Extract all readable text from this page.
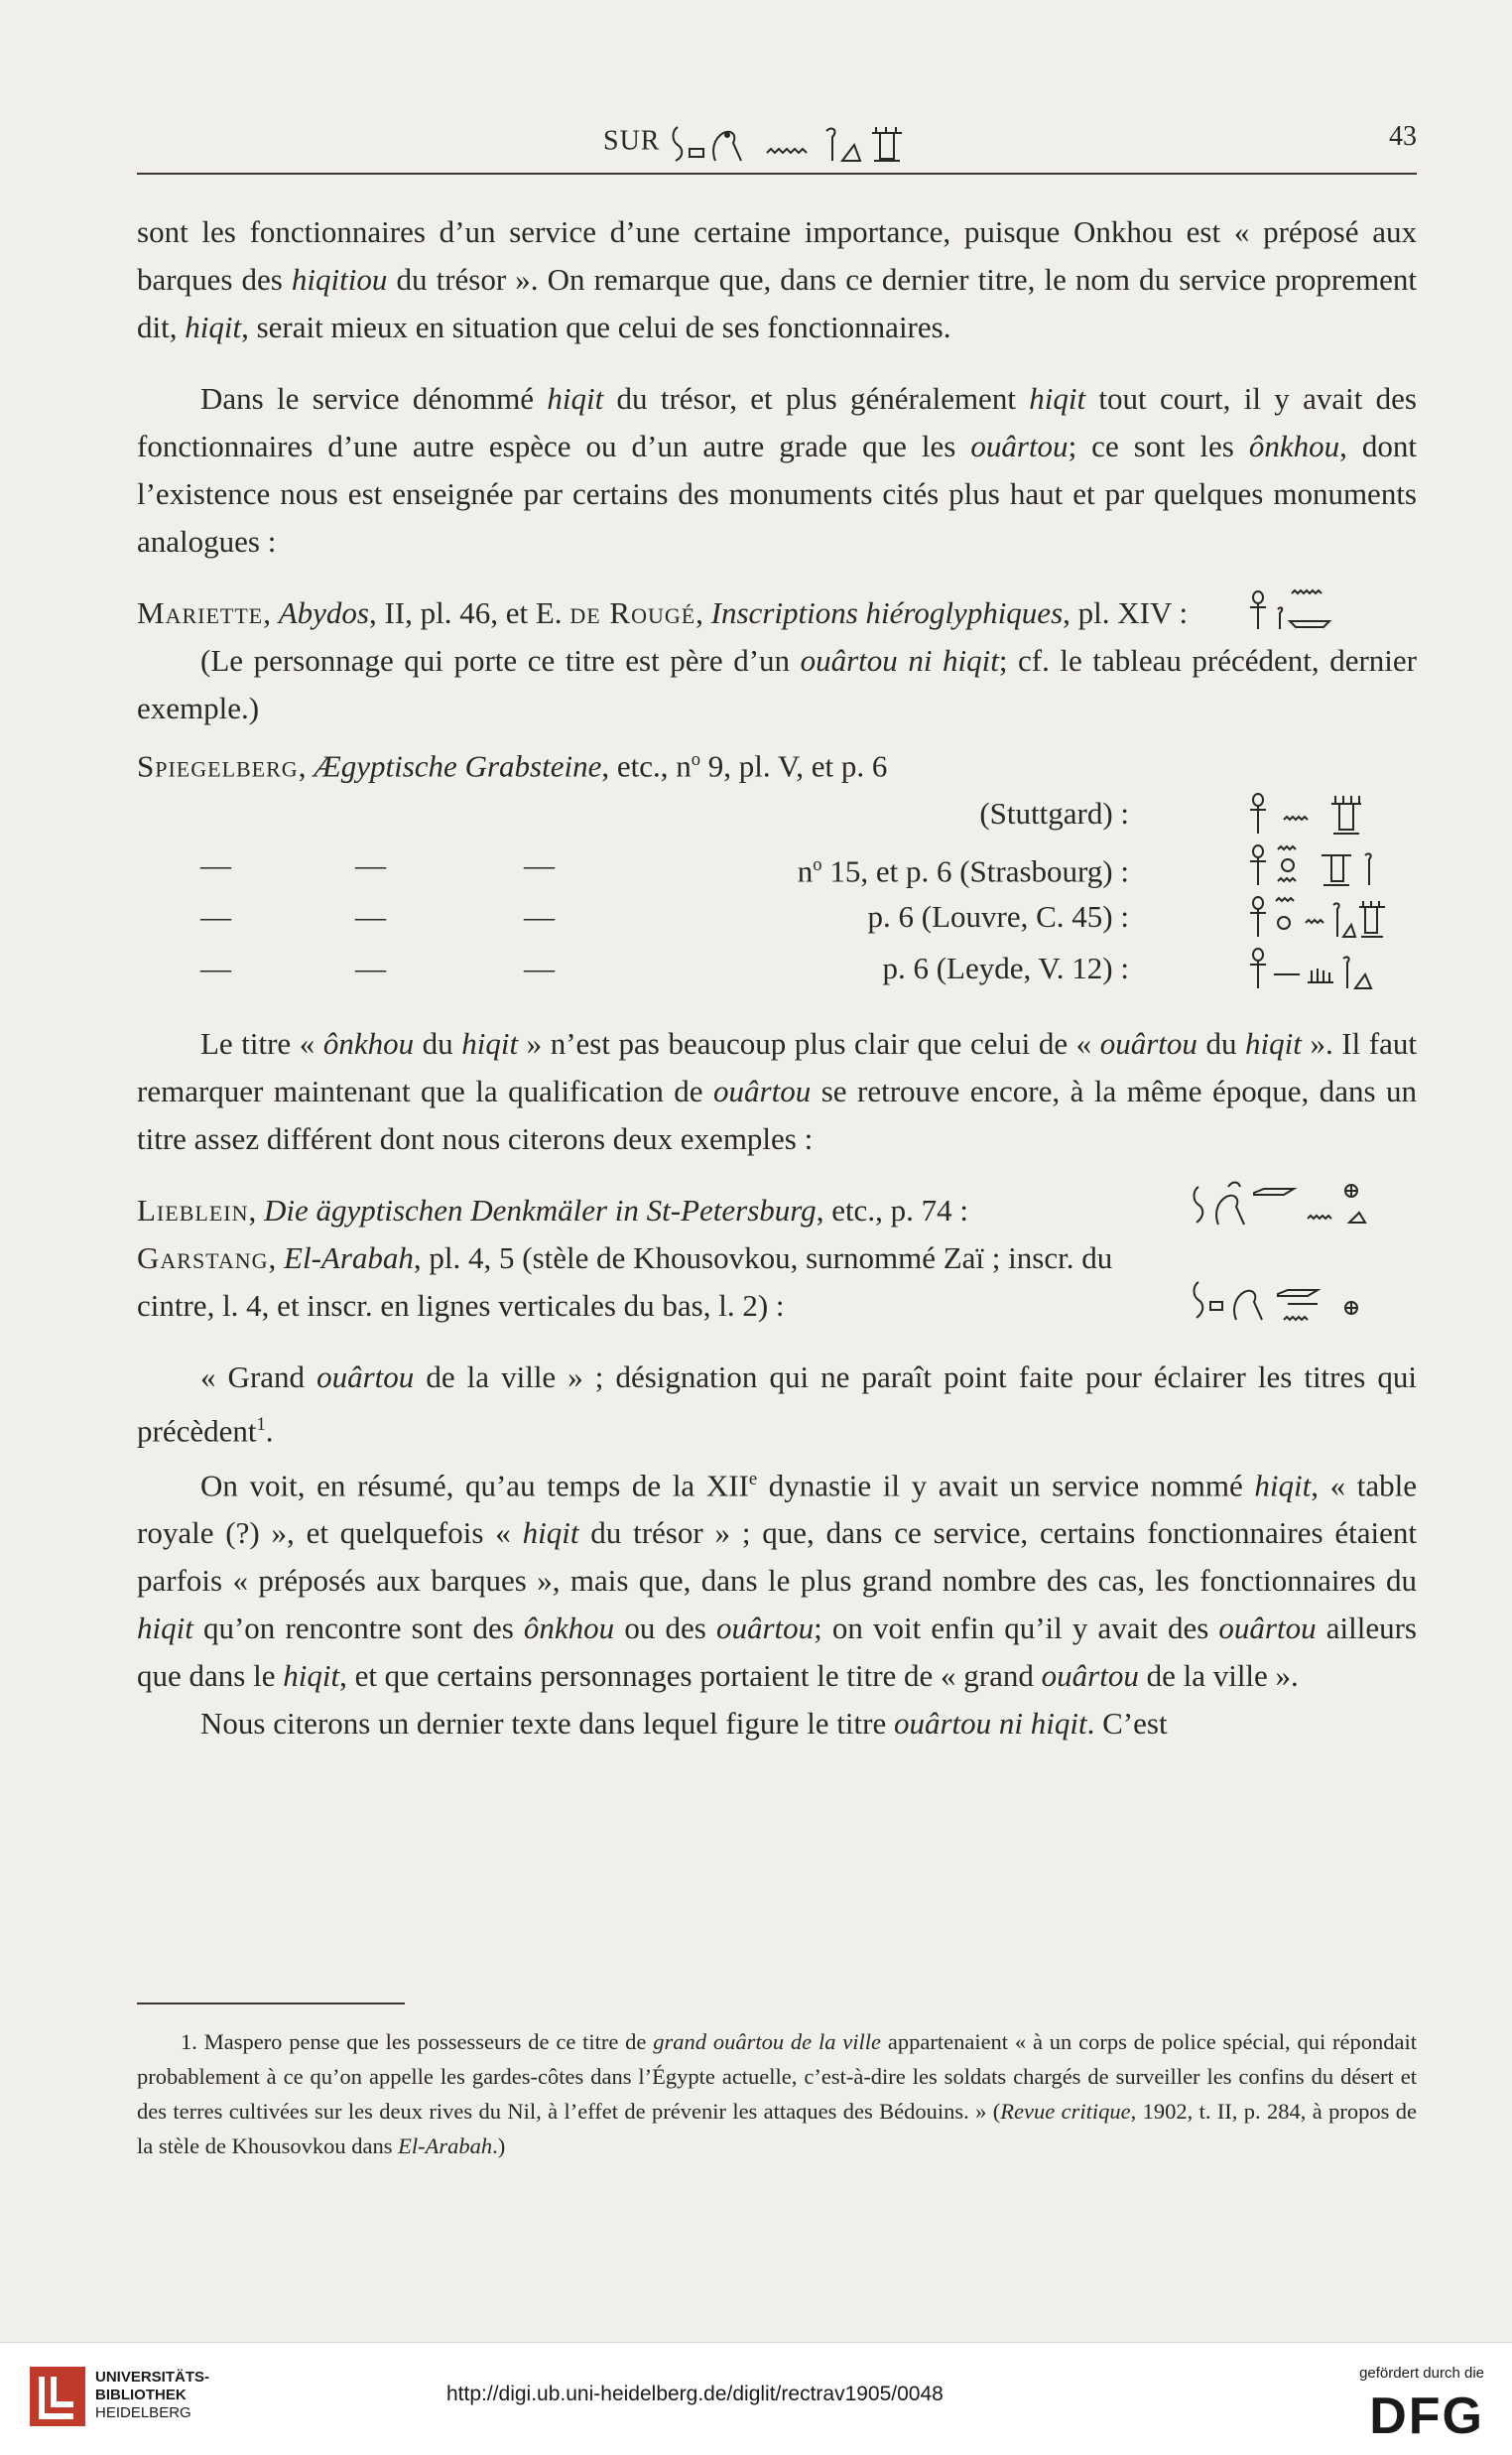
SUR	43

sont les fonctionnaires d’un service d’une certaine importance, puisque Onkhou est « préposé aux barques des hiqitiou du trésor ». On remarque que, dans ce dernier titre, le nom du service proprement dit, hiqit, serait mieux en situation que celui de ses fonctionnaires.

Dans le service dénommé hiqit du trésor, et plus généralement hiqit tout court, il y avait des fonctionnaires d’une autre espèce ou d’un autre grade que les ouârtou; ce sont les ônkhou, dont l’existence nous est enseignée par certains des monuments cités plus haut et par quelques monuments analogues :

Mariette, Abydos, II, pl. 46, et E. de Rougé, Inscriptions hiéroglyphiques, pl. XIV :

(Le personnage qui porte ce titre est père d’un ouârtou ni hiqit; cf. le tableau précédent, dernier exemple.)

Spiegelberg, Ægyptische Grabsteine, etc., $n^o$ 9, pl. V, et p. 6
(Stuttgard) :
—	—	—	$n^o$ 15, et p. 6 (Strasbourg) :
—	—	—	p. 6 (Louvre, C. 45) :
—	—	—	p. 6 (Leyde, V. 12) :

Le titre « ônkhou du hiqit » n’est pas beaucoup plus clair que celui de « ouârtou du hiqit ». Il faut remarquer maintenant que la qualification de ouârtou se retrouve encore, à la même époque, dans un titre assez différent dont nous citerons deux exemples :

Lieblein, Die ägyptischen Denkmäler in St-Petersburg, etc., p. 74 :
Garstang, El-Arabah, pl. 4, 5 (stèle de Khousovkou, surnommé Zaï ; inscr. du cintre, l. 4, et inscr. en lignes verticales du bas, l. 2) :

« Grand ouârtou de la ville » ; désignation qui ne paraît point faite pour éclairer les titres qui précèdent$^1$.

On voit, en résumé, qu’au temps de la XIIe dynastie il y avait un service nommé hiqit, « table royale (?) », et quelquefois « hiqit du trésor » ; que, dans ce service, certains fonctionnaires étaient parfois « préposés aux barques », mais que, dans le plus grand nombre des cas, les fonctionnaires du hiqit qu’on rencontre sont des ônkhou ou des ouârtou; on voit enfin qu’il y avait des ouârtou ailleurs que dans le hiqit, et que certains personnages portaient le titre de « grand ouârtou de la ville ».

Nous citerons un dernier texte dans lequel figure le titre ouârtou ni hiqit. C’est

1. Maspero pense que les possesseurs de ce titre de grand ouârtou de la ville appartenaient « à un corps de police spécial, qui répondait probablement à ce qu’on appelle les gardes-côtes dans l’Égypte actuelle, c’est-à-dire les soldats chargés de surveiller les confins du désert et des terres cultivées sur les deux rives du Nil, à l’effet de prévenir les attaques des Bédouins. » (Revue critique, 1902, t. II, p. 284, à propos de la stèle de Khousovkou dans El-Arabah.)
UNIVERSITÄTS-
BIBLIOTHEK
HEIDELBERG
http://digi.ub.uni-heidelberg.de/diglit/rectrav1905/0048
gefördert durch die
DFG
